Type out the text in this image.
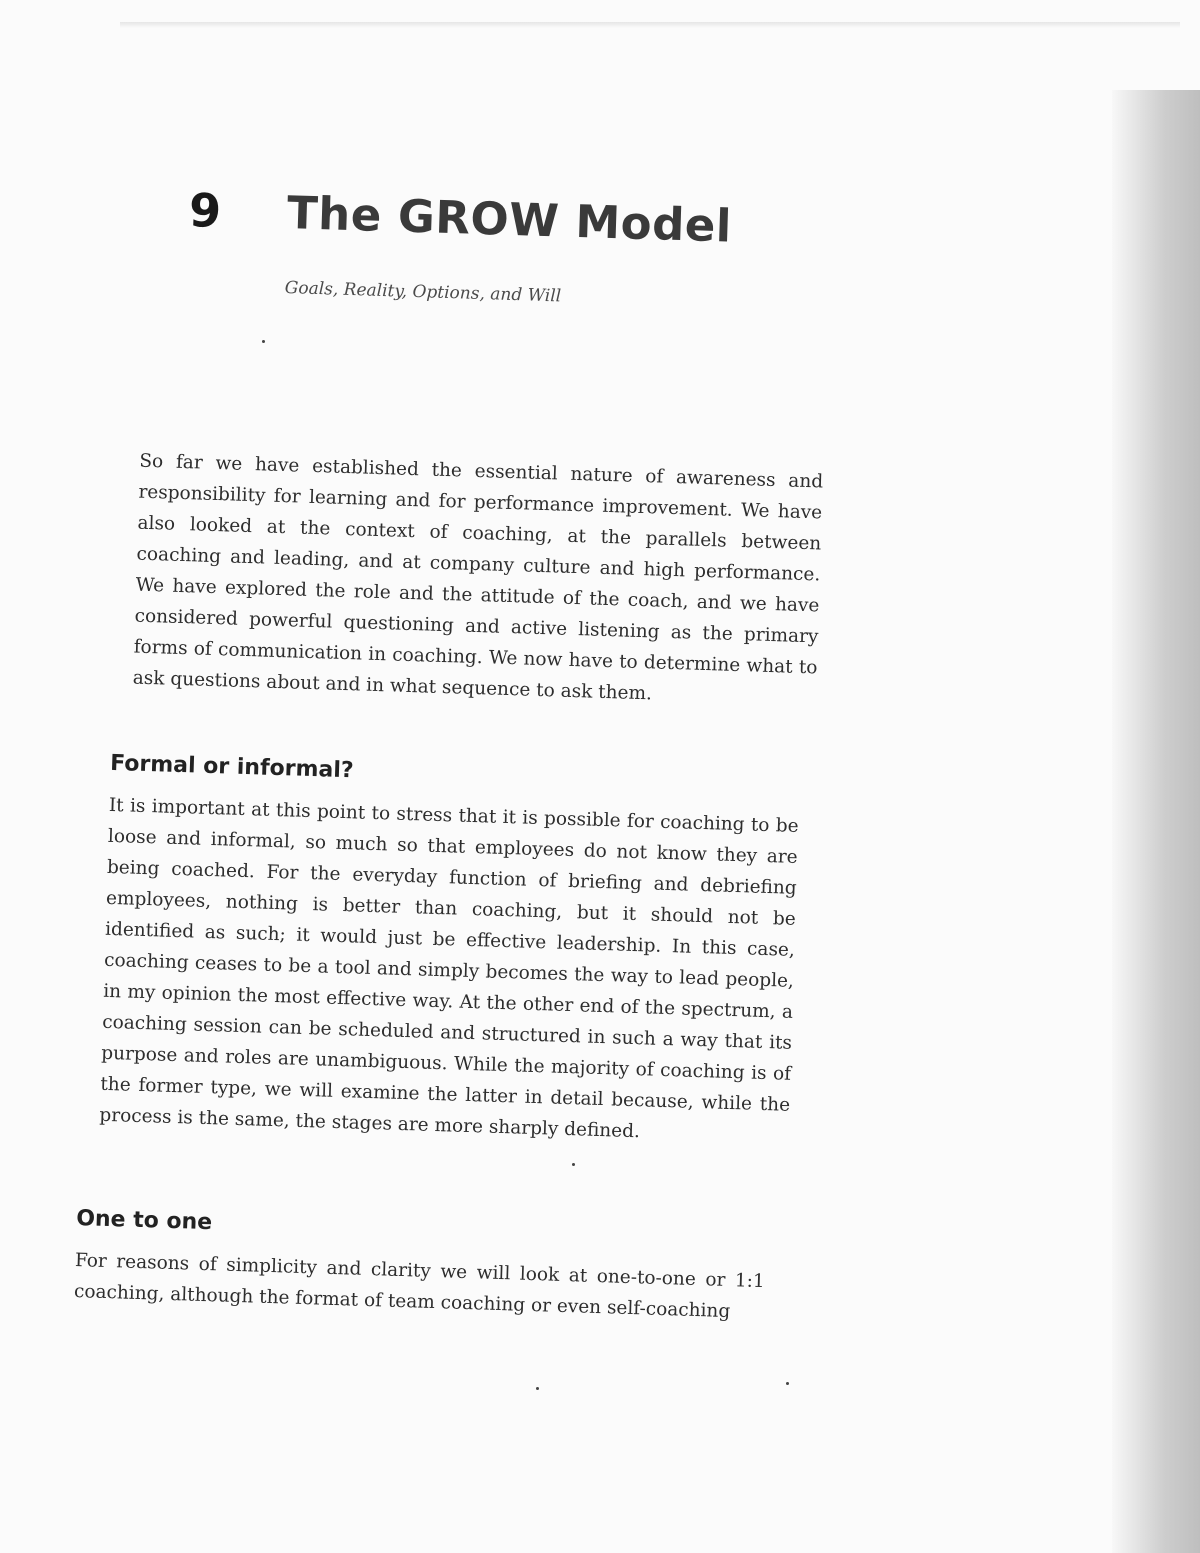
9 The GROW Model
Goals, Reality, Options, and Will

So far we have established the essential nature of awareness and responsibility for learning and for performance improvement. We have also looked at the context of coaching, at the parallels between coaching and leading, and at company culture and high performance. We have explored the role and the attitude of the coach, and we have considered powerful questioning and active listening as the primary forms of communication in coaching. We now have to determine what to ask questions about and in what sequence to ask them.

Formal or informal?

It is important at this point to stress that it is possible for coaching to be loose and informal, so much so that employees do not know they are being coached. For the everyday function of briefing and debriefing employees, nothing is better than coaching, but it should not be identified as such; it would just be effective leadership. In this case, coaching ceases to be a tool and simply becomes the way to lead people, in my opinion the most effective way. At the other end of the spectrum, a coaching session can be scheduled and structured in such a way that its purpose and roles are unambiguous. While the majority of coaching is of the former type, we will examine the latter in detail because, while the process is the same, the stages are more sharply defined.

One to one

For reasons of simplicity and clarity we will look at one-to-one or 1:1 coaching, although the format of team coaching or even self-coaching
